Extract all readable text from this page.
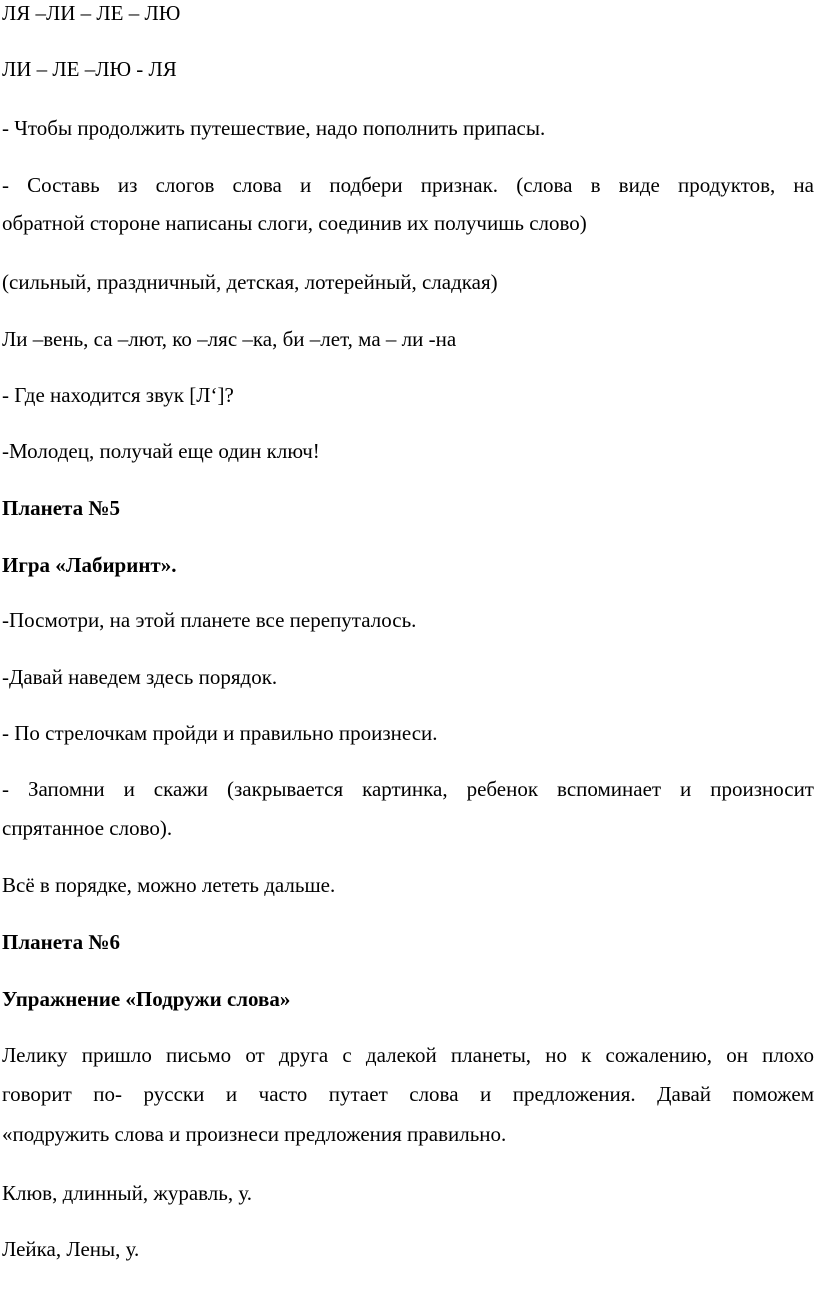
ЛЯ –ЛИ – ЛЕ – ЛЮ
ЛИ – ЛЕ –ЛЮ - ЛЯ
- Чтобы продолжить путешествие, надо пополнить припасы.
- Составь из слогов слова и подбери признак. (слова в виде продуктов, на
обратной стороне написаны слоги, соединив их получишь слово)
(сильный, праздничный, детская, лотерейный, сладкая)
Ли –вень, са –лют, ко –ляс –ка, би –лет, ма – ли -на
- Где находится звук [Л‘]?
-Молодец, получай еще один ключ!
Планета №5
Игра «Лабиринт».
-Посмотри, на этой планете все перепуталось.
-Давай наведем здесь порядок.
- По стрелочкам пройди и правильно произнеси.
- Запомни и скажи (закрывается картинка, ребенок вспоминает и произносит
спрятанное слово).
Всё в порядке, можно лететь дальше.
Планета №6
Упражнение «Подружи слова»
Лелику пришло письмо от друга с далекой планеты, но к сожалению, он плохо
говорит по- русски и часто путает слова и предложения. Давай поможем
«подружить слова и произнеси предложения правильно.
Клюв, длинный, журавль, у.
Лейка, Лены, у.
